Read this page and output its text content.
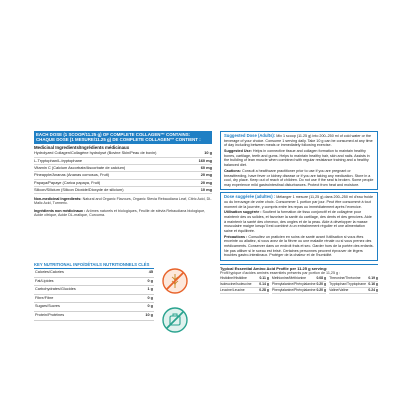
EACH DOSE (1 SCOOP/11.25 g) OF COMPLETE COLLAGEN™ CONTAINS:
CHAQUE DOSE (1 MESURE/11.25 g) DE COMPLETE COLLAGEN™ CONTIENT :
Medicinal Ingredients/Ingrédients médicinaux
Hydrolyzed Collagen/Collagène hydrolysé (Bovine Skin/Peau de bovin)	10 g
L-Tryptophan/L-tryptophane	160 mg
Vitamin C (Calcium Ascorbate/Ascorbate de calcium)	60 mg
Pineapple/Ananas (Ananas comosus, Fruit)	20 mg
Papaya/Papaye (Carica papaya, Fruit)	20 mg
Silicon/Silicium (Silicon Dioxide/Dioxyde de silicium)	10 mg
Non-medicinal Ingredients: Natural and Organic Flavours, Organic Stevia Rebaudiana Leaf, Citric Acid, DI-Malic Acid, Turmeric.
Ingrédients non médicinaux : Arômes naturels et biologiques, Feuille de stévia Rebaudiana biologique, Acide citrique, Acide DL-malique, Curcuma.
KEY NUTRITIONAL INFO/DÉTAILS NUTRITIONNELS CLÉS
Calories/Calories	45
Fat/Lipides	0 g
Carbohydrates/Glucides	1 g
Fibre/Fibre	0 g
Sugars/Sucres	0 g
Protein/Protéines	10 g

Suggested Dose (Adults): Mix 1 scoop (11.25 g) into 200–250 ml of cold water or the beverage of your choice. Consume 1 serving daily. Take 10 g can be consumed at any time of day including between meals or immediately following exercise.
Suggested Use: Helps in connective tissue and collagen formation to maintain healthy bones, cartilage, teeth and gums. Helps to maintain healthy hair, skin and nails. Assists in the building of lean muscle when combined with regular resistance training and a healthy balanced diet.
Cautions: Consult a healthcare practitioner prior to use if you are pregnant or breastfeeding, have fever or kidney disease or if you are taking any medication. Store in a cool, dry place. Keep out of reach of children. Do not use if the seal is broken. Some people may experience mild gastrointestinal disturbances. Protect from heat and moisture.
Dose suggérée (adultes) : Mélanger 1 mesure (11,25 g) dans 200–250 ml d'eau froide ou du breuvage de votre choix. Consommer 1 portion par jour. Peut être consommé à tout moment de la journée, y compris entre les repas ou immédiatement après l'exercice.
Utilisation suggérée : Soutient la formation de tissu conjonctif et de collagène pour maintenir des os solides, et favoriser la santé du cartilage, des dents et des gencives. Aide à maintenir la santé des cheveux, des ongles et de la peau. Aide à développer la masse musculaire maigre lorsqu'il est combiné à un entraînement régulier et une alimentation saine et équilibrée.
Précautions : Consultez un praticien en soins de santé avant l'utilisation si vous êtes enceinte ou allaitez, si vous avez de la fièvre ou une maladie rénale ou si vous prenez des médicaments. Conserver dans un endroit frais et sec. Garder hors de la portée des enfants. Ne pas utiliser si le sceau est brisé. Certaines personnes peuvent éprouver de légers troubles gastro-intestinaux. Protéger de la chaleur et de l'humidité.
Typical Essential Amino Acid Profile per 11.25 g serving:
Profil typique d'acides aminés essentiels présents par portion de 11,25 g :
Histidine/Histidine	0.11 g Methionine/Méthionine	0.08 g Threonine/Thréonine 0.19 g
Isoleucine/Isoleucine 0.14 g Phenylalanine/Phénylalanine 0.20 g Tryptophan/Tryptophane 0.16 g
Leucine/Leucine	0.28 g Phenylalanine/Phénylalanine 0.20 g Valine/Valine	0.24 g
